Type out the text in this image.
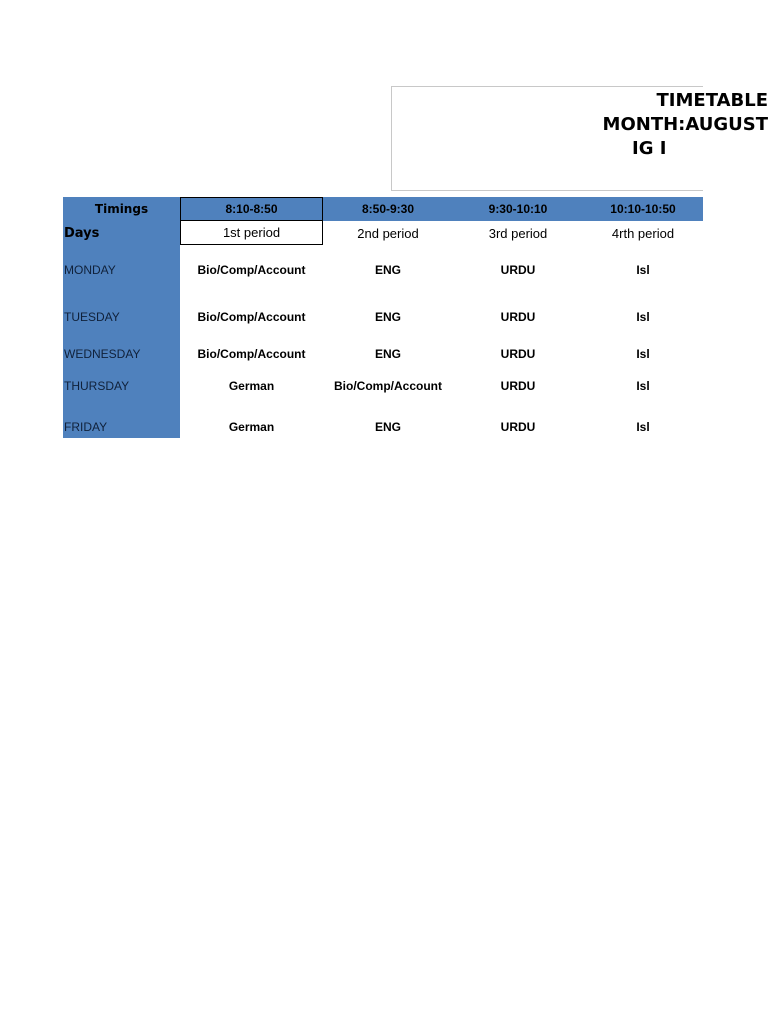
TIMETABLE
MONTH:AUGUST
IG I
Timings	8:10-8:50	8:50-9:30	9:30-10:10	10:10-10:50
Days	1st period	2nd period	3rd period	4rth period
MONDAY	Bio/Comp/Account	ENG	URDU	Isl
TUESDAY	Bio/Comp/Account	ENG	URDU	Isl
WEDNESDAY	Bio/Comp/Account	ENG	URDU	Isl
THURSDAY	German	Bio/Comp/Account	URDU	Isl
FRIDAY	German	ENG	URDU	Isl
